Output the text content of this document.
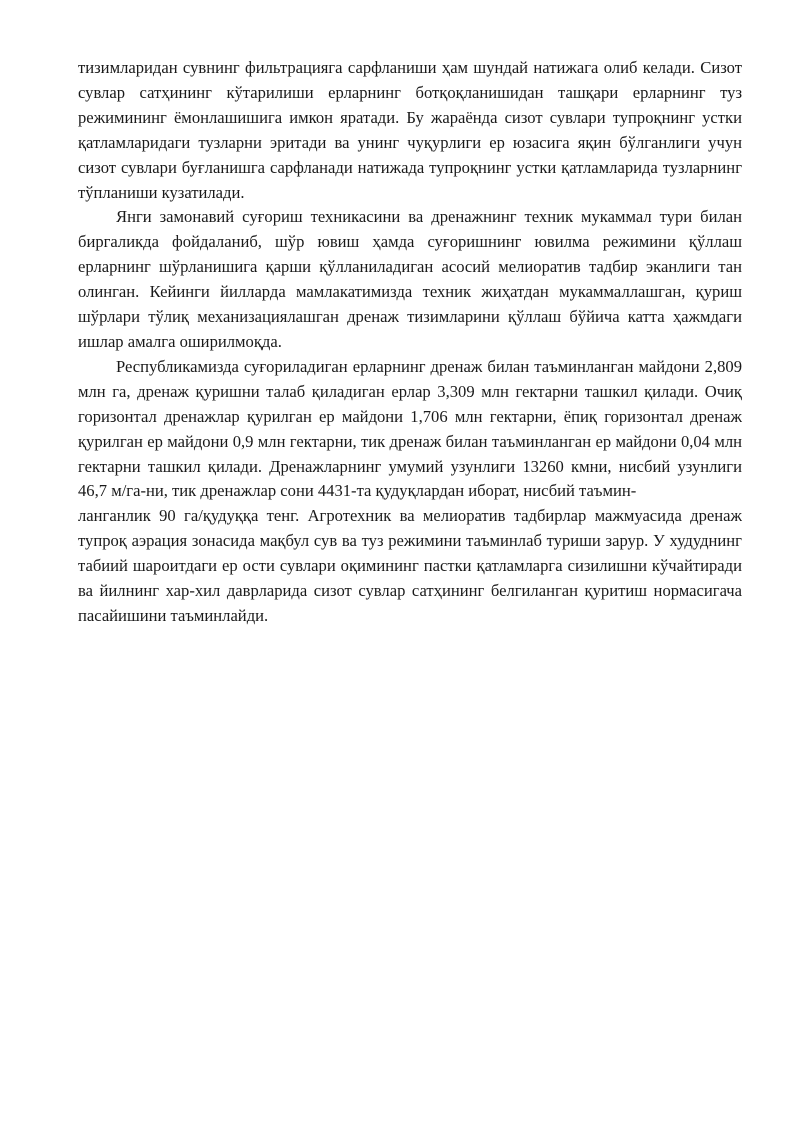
тизимларидан сувнинг фильтрацияга сарфланиши ҳам шундай натижага олиб келади. Сизот сувлар сатҳининг кўтарилиши ерларнинг ботқоқланишидан ташқари ерларнинг туз режимининг ёмонлашишига имкон яратади. Бу жараёнда сизот сувлари тупроқнинг устки қатламларидаги тузларни эритади ва унинг чуқурлиги ер юзасига яқин бўлганлиги учун сизот сувлари буғланишга сарфланади натижада тупроқнинг устки қатламларида тузларнинг тўпланиши кузатилади.

Янги замонавий суғориш техникасини ва дренажнинг техник мукаммал тури билан биргаликда фойдаланиб, шўр ювиш ҳамда суғоришнинг ювилма режимини қўллаш ерларнинг шўрланишига қарши қўлланиладиган асосий мелиоратив тадбир эканлиги тан олинган. Кейинги йилларда мамлакатимизда техник жиҳатдан мукаммаллашган, қуриш шўрлари тўлиқ механизациялашган дренаж тизимларини қўллаш бўйича катта ҳажмдаги ишлар амалга оширилмоқда.

Республикамизда суғориладиган ерларнинг дренаж билан таъминланган майдони 2,809 млн га, дренаж қуришни талаб қиладиган ерлар 3,309 млн гектарни ташкил қилади. Очиқ горизонтал дренажлар қурилган ер майдони 1,706 млн гектарни, ёпиқ горизонтал дренаж қурилган ер майдони 0,9 млн гектарни, тик дренаж билан таъминланган ер майдони 0,04 млн гектарни ташкил қилади. Дренажларнинг умумий узунлиги 13260 кмни, нисбий узунлиги 46,7 м/га-ни, тик дренажлар сони 4431-та қудуқлардан иборат, нисбий таъмин-

ланганлик 90 га/қудуққа тенг. Агротехник ва мелиоратив тадбирлар мажмуасида дренаж тупроқ аэрация зонасида мақбул сув ва туз режимини таъминлаб туриши зарур. У худуднинг табиий шароитдаги ер ости сувлари оқимининг пастки қатламларга сизилишни кўчайтиради ва йилнинг хар-хил даврларида сизот сувлар сатҳининг белгиланган қуритиш нормасигача пасайишини таъминлайди.
